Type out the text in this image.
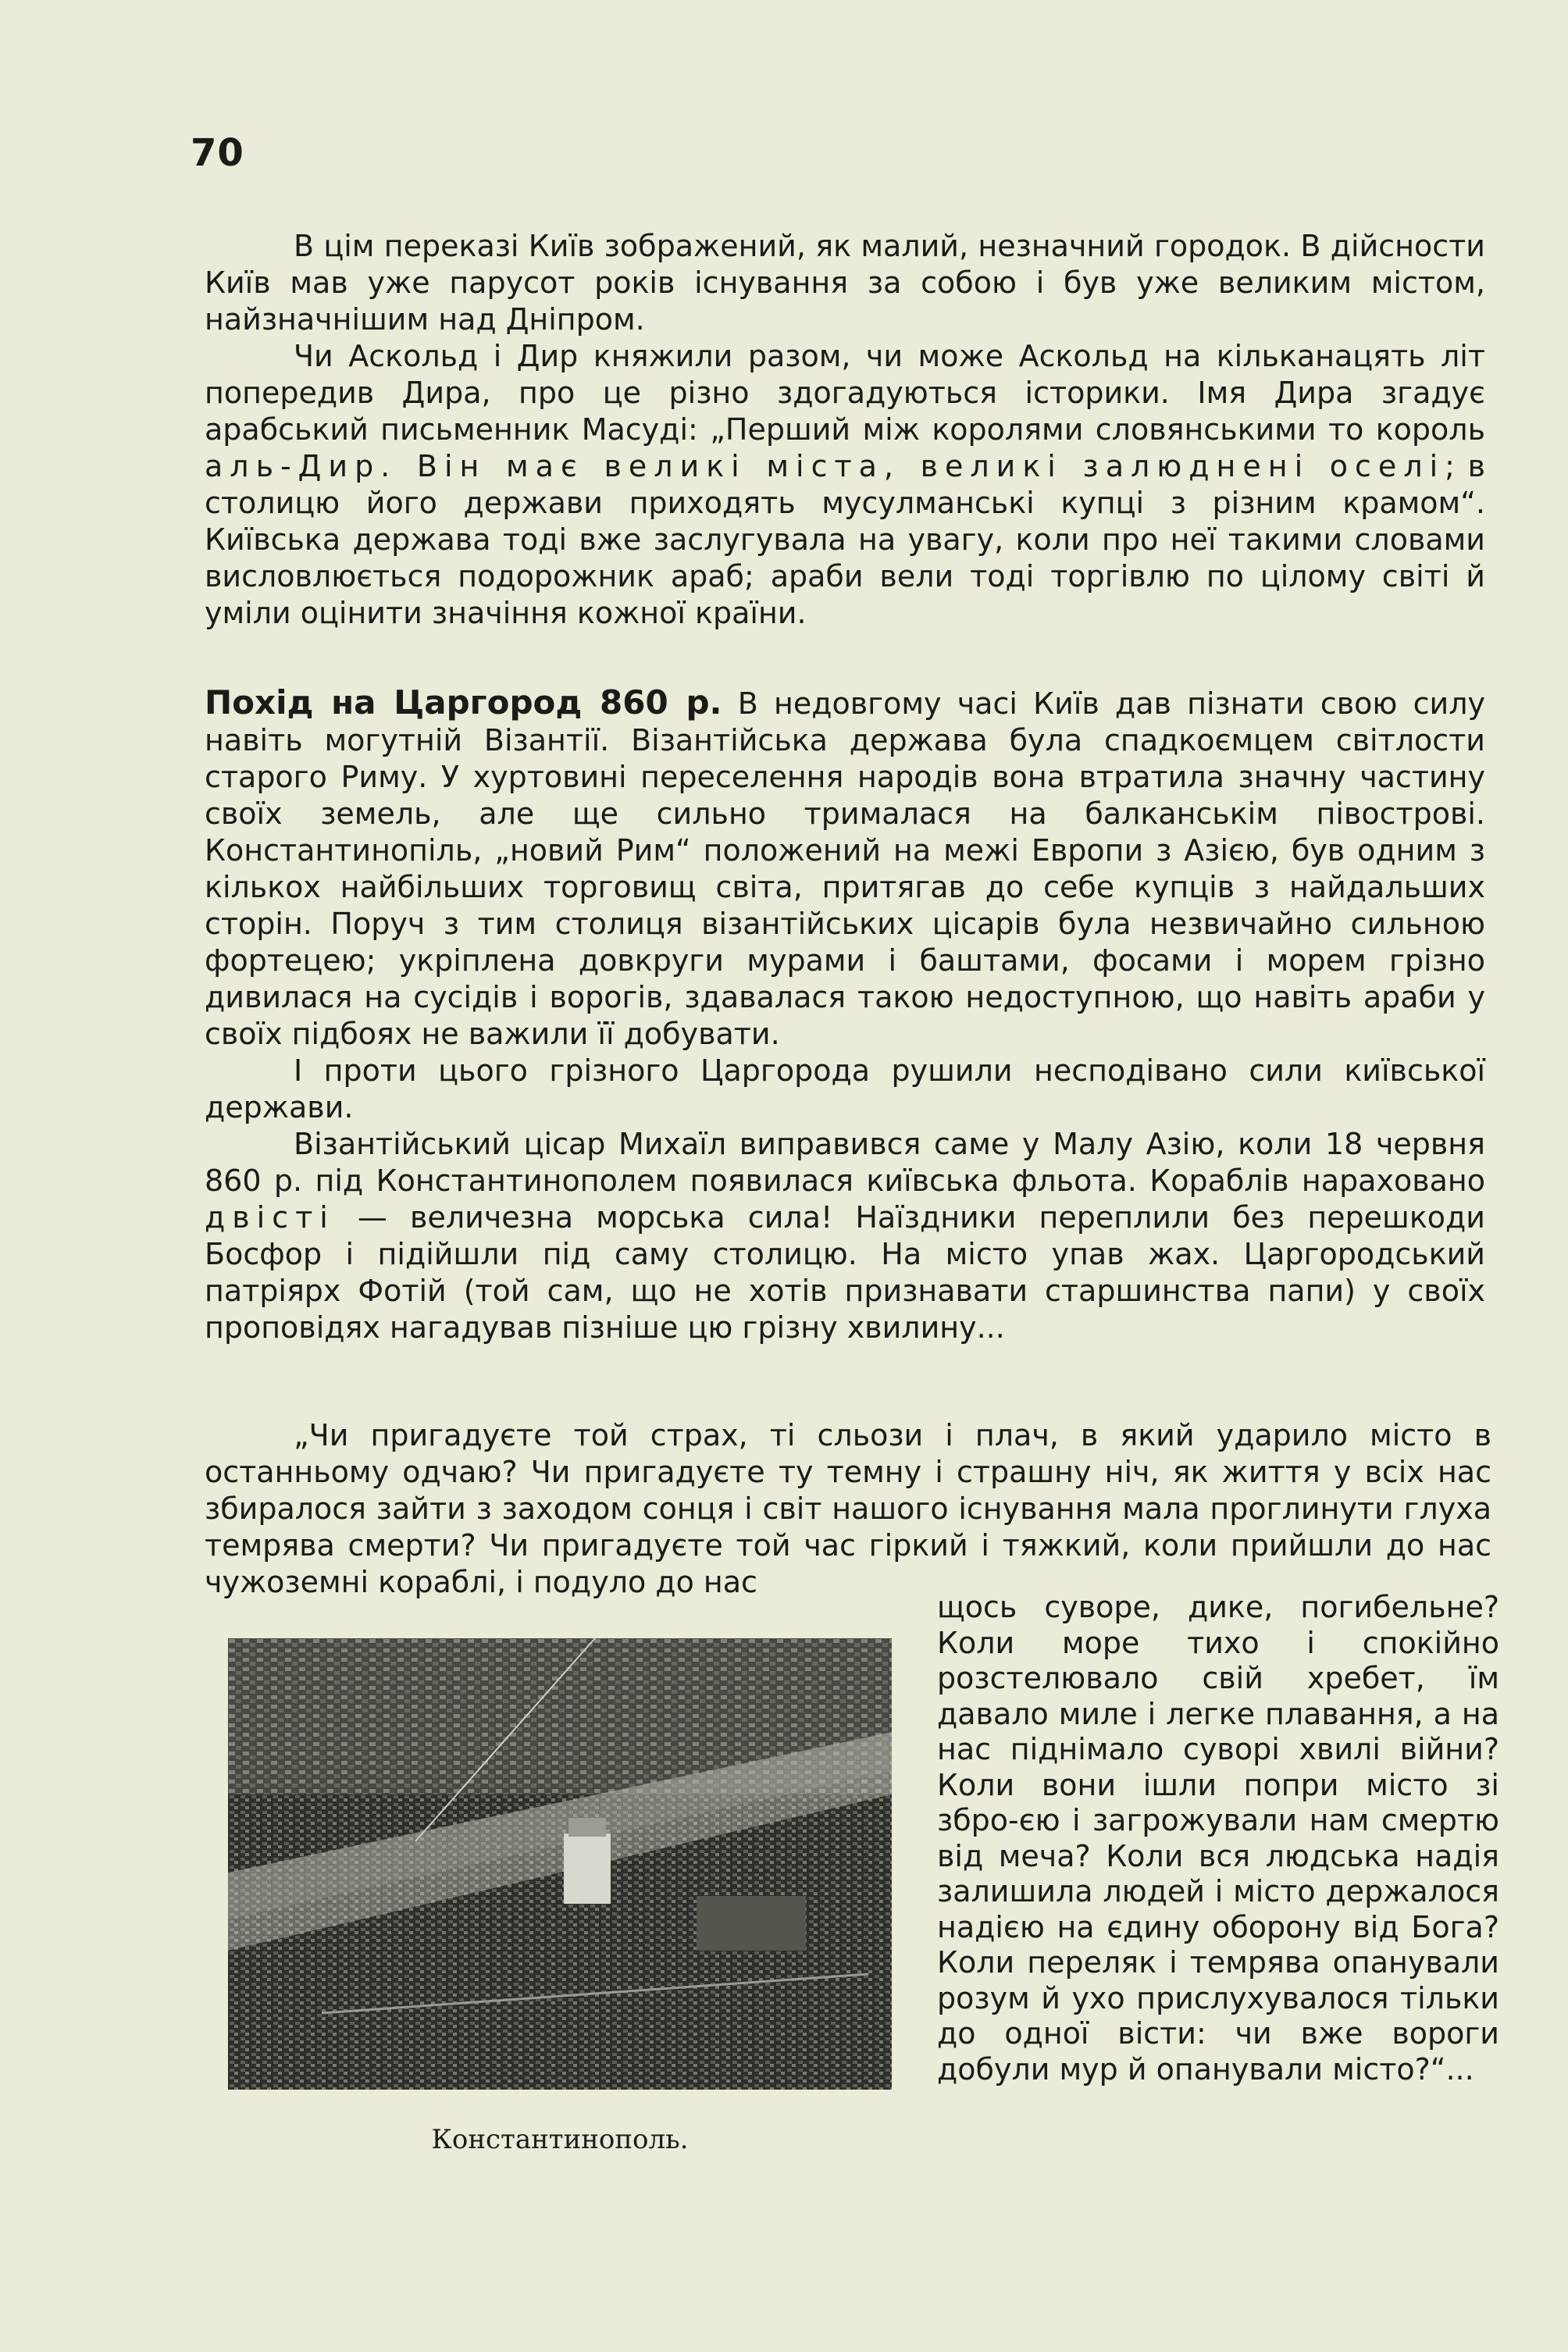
70

В цім переказі Київ зображений, як малий, незначний городок. В дійсности Київ мав уже парусот років існування за собою і був уже великим містом, найзначнішим над Дніпром.

Чи Аскольд і Дир княжили разом, чи може Аскольд на кільканацять літ попередив Дира, про це різно здогадуються історики. Імя Дира згадує арабський письменник Масуді: „Перший між королями словянськими то король аль-Дир. Він має великі міста, великі залюднені оселі; в столицю його держави приходять мусулманські купці з різним крамом“. Київська держава тоді вже заслугувала на увагу, коли про неї такими словами висловлюється подорожник араб; араби вели тоді торгівлю по цілому світі й уміли оцінити значіння кожної країни.

Похід на Царгород 860 р. В недовгому часі Київ дав пізнати свою силу навіть могутній Візантії. Візантійська держава була спадкоємцем світлости старого Риму. У хуртовині переселення народів вона втратила значну частину своїх земель, але ще сильно трималася на балканськім півострові. Константинопіль, „новий Рим“ положений на межі Европи з Азією, був одним з кількох найбільших торговищ світа, притягав до себе купців з найдальших сторін. Поруч з тим столиця візантійських цісарів була незвичайно сильною фортецею; укріплена довкруги мурами і баштами, фосами і морем грізно дивилася на сусідів і ворогів, здавалася такою недоступною, що навіть араби у своїх підбоях не важили її добувати.

І проти цього грізного Царгорода рушили несподівано сили київської держави.

Візантійський цісар Михаїл виправився саме у Малу Азію, коли 18 червня 860 р. під Константинополем появилася київська фльота. Кораблів нараховано двісті — величезна морська сила! Наїздники переплили без перешкоди Босфор і підійшли під саму столицю. На місто упав жах. Царгородський патріярх Фотій (той сам, що не хотів признавати старшинства папи) у своїх проповідях нагадував пізніше цю грізну хвилину...

„Чи пригадуєте той страх, ті сльози і плач, в який ударило місто в останньому одчаю? Чи пригадуєте ту темну і страшну ніч, як життя у всіх нас збиралося зайти з заходом сонця і світ нашого існування мала проглинути глуха темрява смерти? Чи пригадуєте той час гіркий і тяжкий, коли прийшли до нас чужоземні кораблі, і подуло до нас

Константинополь.
щось суворе, дике, погибельне? Коли море тихо і спокійно розстелювало свій хребет, їм давало миле і легке плавання, а на нас піднімало суворі хвилі війни? Коли вони ішли попри місто зі збро-єю і загрожували нам смертю від меча? Коли вся людська надія залишила людей і місто держалося надією на єдину оборону від Бога? Коли переляк і темрява опанували розум й ухо прислухувалося тільки до одної вісти: чи вже вороги добули мур й опанували місто?“...
